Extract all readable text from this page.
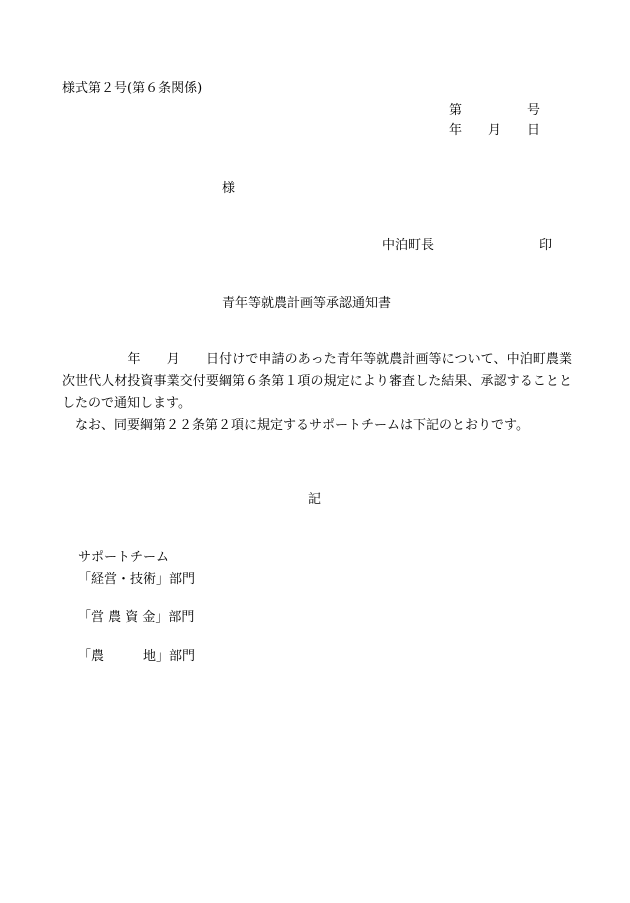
様式第２号(第６条関係)

第　　　　　号

年　　月　　日

様

中泊町長	印

青年等就農計画等承認通知書

　　　　　年　　月　　日付けで申請のあった青年等就農計画等について、中泊町農業次世代人材投資事業交付要綱第６条第１項の規定により審査した結果、承認することとしたので通知します。
　なお、同要綱第２２条第２項に規定するサポートチームは下記のとおりです。

記

サポートチーム

「経営・技術」部門

「営 農 資 金」部門

「農　　　地」部門
